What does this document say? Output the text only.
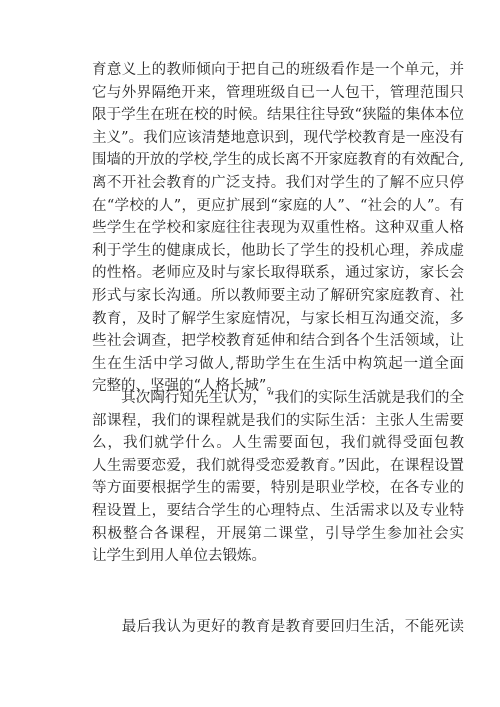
育意义上的教师倾向于把自己的班级看作是一个单元，并
它与外界隔绝开来，管理班级自已一人包干，管理范围只
限于学生在班在校的时候。结果往往导致“狭隘的集体本位
主义”。我们应该清楚地意识到，现代学校教育是一座没有
围墙的开放的学校,学生的成长离不开家庭教育的有效配合,
离不开社会教育的广泛支持。我们对学生的了解不应只停
在“学校的人”，更应扩展到“家庭的人”、“社会的人”。有
些学生在学校和家庭往往表现为双重性格。这种双重人格
利于学生的健康成长，他助长了学生的投机心理，养成虚
的性格。老师应及时与家长取得联系，通过家访，家长会
形式与家长沟通。所以教师要主动了解研究家庭教育、社
教育，及时了解学生家庭情况，与家长相互沟通交流，多
些社会调查，把学校教育延伸和结合到各个生活领域，让
生在生活中学习做人,帮助学生在生活中构筑起一道全面
完整的、坚强的“人格长城”。
　　其次陶行知先生认为，“我们的实际生活就是我们的全
部课程，我们的课程就是我们的实际生活：主张人生需要
么，我们就学什么。人生需要面包，我们就得受面包教
人生需要恋爱，我们就得受恋爱教育。”因此，在课程设置
等方面要根据学生的需要，特别是职业学校，在各专业的
程设置上，要结合学生的心理特点、生活需求以及专业特
积极整合各课程，开展第二课堂，引导学生参加社会实
让学生到用人单位去锻炼。
　　最后我认为更好的教育是教育要回归生活，不能死读
